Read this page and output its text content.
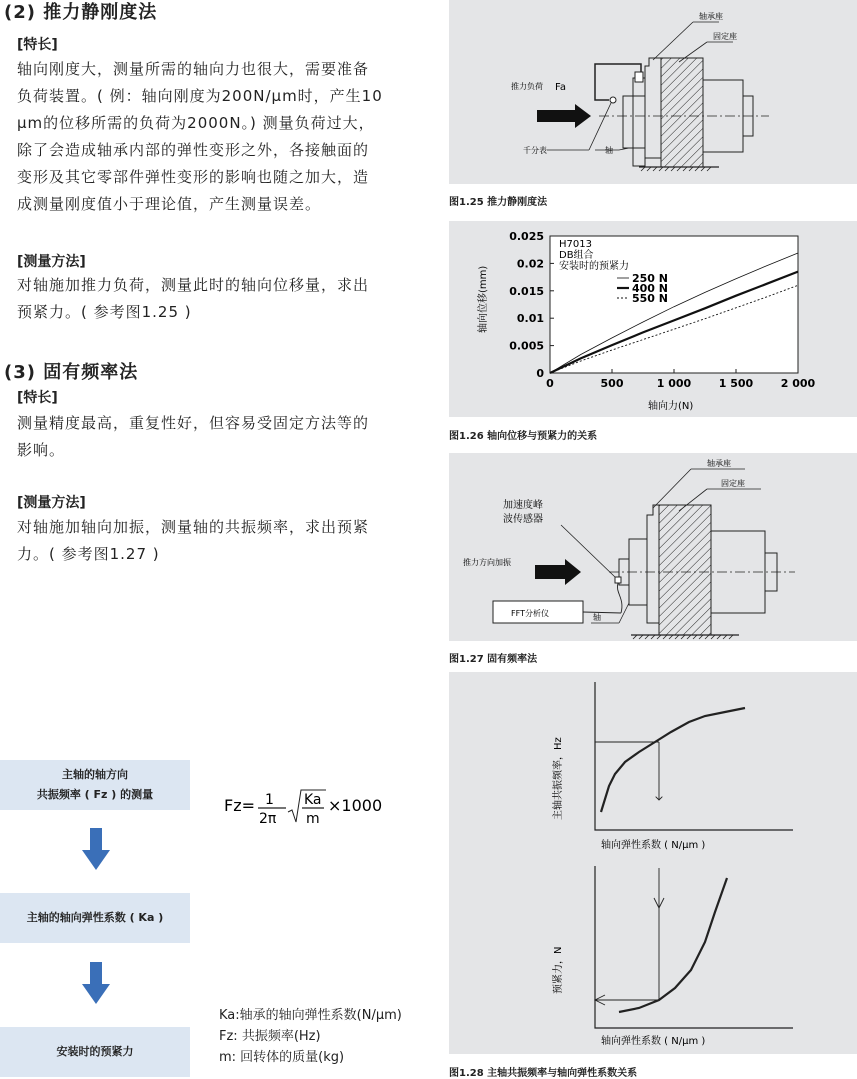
(2) 推力静刚度法
[特长]
轴向刚度大，测量所需的轴向力也很大，需要准备
负荷装置。( 例：轴向刚度为200N/μm时，产生10
μm的位移所需的负荷为2000N。) 测量负荷过大，
除了会造成轴承内部的弹性变形之外，各接触面的
变形及其它零部件弹性变形的影响也随之加大，造
成测量刚度值小于理论值，产生测量误差。
[测量方法]
对轴施加推力负荷，测量此时的轴向位移量，求出
预紧力。( 参考图1.25 )
(3) 固有频率法
[特长]
测量精度最高，重复性好，但容易受固定方法等的
影响。
[测量方法]
对轴施加轴向加振，测量轴的共振频率，求出预紧
力。( 参考图1.27 )
主轴的轴方向
共振频率 ( Fz ) 的测量
主轴的轴向弹性系数 ( Ka )
安装时的预紧力
Fz= 1
2π
Ka
m
×1000
Ka:轴承的轴向弹性系数(N/μm)
Fz: 共振频率(Hz)
m: 回转体的质量(kg)
轴承座
固定座
推力负荷 Fa
千分表	轴
图1.25 推力静刚度法
0
0.005
0.01
0.015
0.02
0.025
0	500	1 000	1 500	2 000
H7013
DB组合
安装时的预紧力
250 N
400 N
550 N
轴向力(N)
轴向位移(mm)
图1.26 轴向位移与预紧力的关系
轴承座
固定座
加速度峰
波传感器
推力方向加振
FFT分析仪	轴
图1.27 固有频率法
主轴共振频率，Hz
轴向弹性系数 ( N/μm )
预紧力，N
轴向弹性系数 ( N/μm )
图1.28 主轴共振频率与轴向弹性系数关系
